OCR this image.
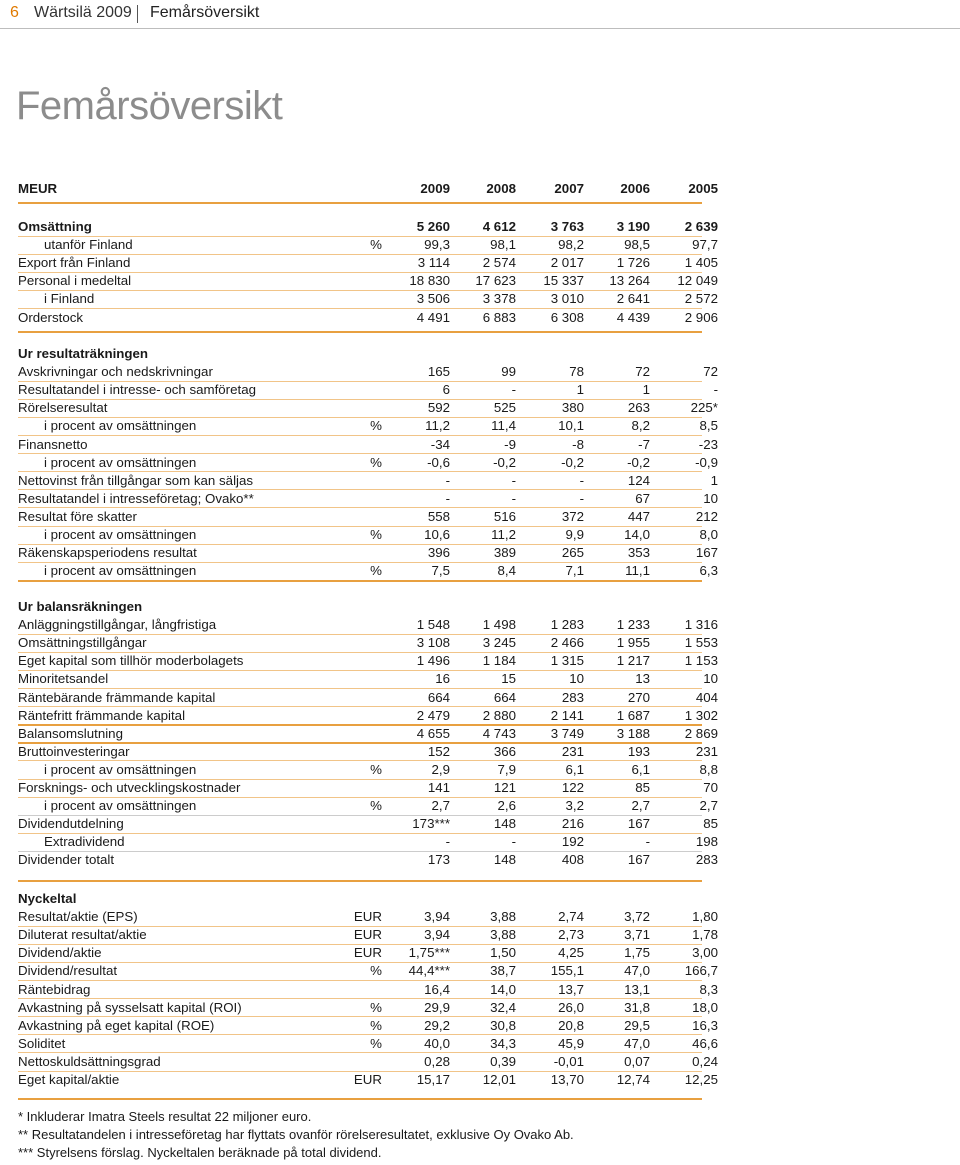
6 Wärtsilä 2009 Femårsöversikt
Femårsöversikt
MEUR	2009	2008	2007	2006	2005
Omsättning	5 260	4 612	3 763	3 190	2 639
utanför Finland	%	99,3	98,1	98,2	98,5	97,7
Export från Finland	3 114	2 574	2 017	1 726	1 405
Personal i medeltal	18 830	17 623	15 337	13 264	12 049
i Finland	3 506	3 378	3 010	2 641	2 572
Orderstock	4 491	6 883	6 308	4 439	2 906
Ur resultaträkningen
Avskrivningar och nedskrivningar	165	99	78	72	72
Resultatandel i intresse- och samföretag	6	-	1	1	-
Rörelseresultat	592	525	380	263	225*
i procent av omsättningen	%	11,2	11,4	10,1	8,2	8,5
Finansnetto	-34	-9	-8	-7	-23
i procent av omsättningen	%	-0,6	-0,2	-0,2	-0,2	-0,9
Nettovinst från tillgångar som kan säljas	-	-	-	124	1
Resultatandel i intresseföretag; Ovako**	-	-	-	67	10
Resultat före skatter	558	516	372	447	212
i procent av omsättningen	%	10,6	11,2	9,9	14,0	8,0
Räkenskapsperiodens resultat	396	389	265	353	167
i procent av omsättningen	%	7,5	8,4	7,1	11,1	6,3
Ur balansräkningen
Anläggningstillgångar, långfristiga	1 548	1 498	1 283	1 233	1 316
Omsättningstillgångar	3 108	3 245	2 466	1 955	1 553
Eget kapital som tillhör moderbolagets	1 496	1 184	1 315	1 217	1 153
Minoritetsandel	16	15	10	13	10
Räntebärande främmande kapital	664	664	283	270	404
Räntefritt främmande kapital	2 479	2 880	2 141	1 687	1 302
Balansomslutning	4 655	4 743	3 749	3 188	2 869
Bruttoinvesteringar	152	366	231	193	231
i procent av omsättningen	%	2,9	7,9	6,1	6,1	8,8
Forsknings- och utvecklingskostnader	141	121	122	85	70
i procent av omsättningen	%	2,7	2,6	3,2	2,7	2,7
Dividendutdelning	173***	148	216	167	85
Extradividend	-	-	192	-	198
Dividender totalt	173	148	408	167	283
Nyckeltal
Resultat/aktie (EPS)	EUR	3,94	3,88	2,74	3,72	1,80
Diluterat resultat/aktie	EUR	3,94	3,88	2,73	3,71	1,78
Dividend/aktie	EUR	1,75***	1,50	4,25	1,75	3,00
Dividend/resultat	%	44,4***	38,7	155,1	47,0	166,7
Räntebidrag	16,4	14,0	13,7	13,1	8,3
Avkastning på sysselsatt kapital (ROI)	%	29,9	32,4	26,0	31,8	18,0
Avkastning på eget kapital (ROE)	%	29,2	30,8	20,8	29,5	16,3
Soliditet	%	40,0	34,3	45,9	47,0	46,6
Nettoskuldsättningsgrad	0,28	0,39	-0,01	0,07	0,24
Eget kapital/aktie	EUR	15,17	12,01	13,70	12,74	12,25
* Inkluderar Imatra Steels resultat 22 miljoner euro.
** Resultatandelen i intresseföretag har flyttats ovanför rörelseresultatet, exklusive Oy Ovako Ab.
*** Styrelsens förslag. Nyckeltalen beräknade på total dividend.
